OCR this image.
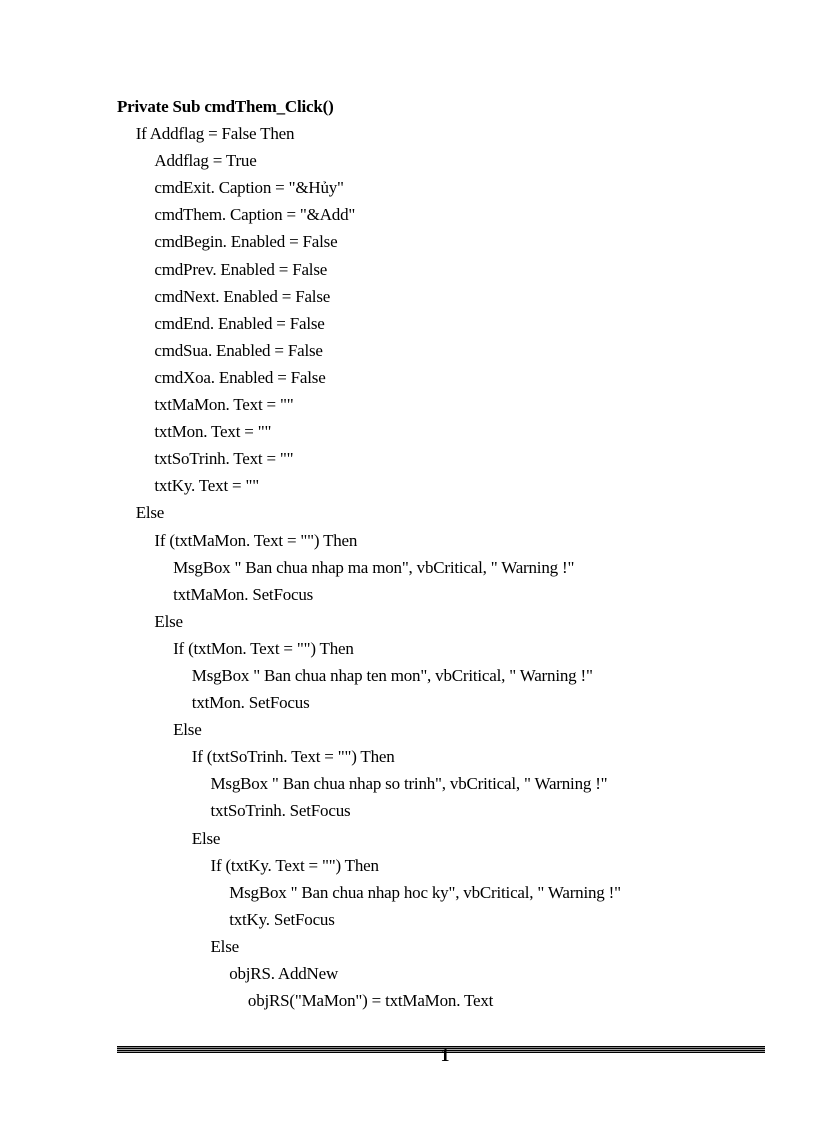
Private Sub cmdThem_Click()
If Addflag = False Then
Addflag = True
cmdExit. Caption = "&Hủy"
cmdThem. Caption = "&Add"
cmdBegin. Enabled = False
cmdPrev. Enabled = False
cmdNext. Enabled = False
cmdEnd. Enabled = False
cmdSua. Enabled = False
cmdXoa. Enabled = False
txtMaMon. Text = ""
txtMon. Text = ""
txtSoTrinh. Text = ""
txtKy. Text = ""
Else
If (txtMaMon. Text = "") Then
MsgBox " Ban chua nhap ma mon", vbCritical, " Warning !"
txtMaMon. SetFocus
Else
If (txtMon. Text = "") Then
MsgBox " Ban chua nhap ten mon", vbCritical, " Warning !"
txtMon. SetFocus
Else
If (txtSoTrinh. Text = "") Then
MsgBox " Ban chua nhap so trinh", vbCritical, " Warning !"
txtSoTrinh. SetFocus
Else
If (txtKy. Text = "") Then
MsgBox " Ban chua nhap hoc ky", vbCritical, " Warning !"
txtKy. SetFocus
Else
objRS. AddNew
objRS("MaMon") = txtMaMon. Text
1
